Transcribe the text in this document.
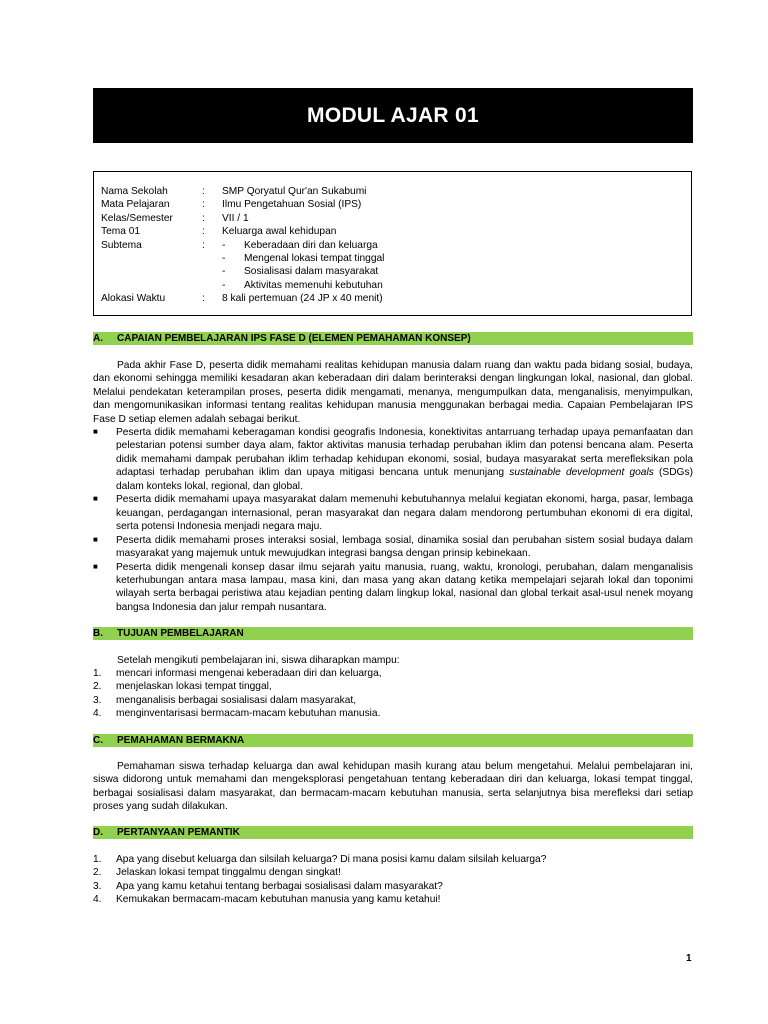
MODUL AJAR 01
Nama Sekolah	:	SMP Qoryatul Qur'an Sukabumi
Mata Pelajaran	:	Ilmu Pengetahuan Sosial (IPS)
Kelas/Semester	:	VII / 1
Tema 01	:	Keluarga awal kehidupan
Subtema	:	-	Keberadaan diri dan keluarga
-	Mengenal lokasi tempat tinggal
-	Sosialisasi dalam masyarakat
-	Aktivitas memenuhi kebutuhan
Alokasi Waktu	:	8 kali pertemuan (24 JP x 40 menit)
A.	CAPAIAN PEMBELAJARAN IPS FASE D (ELEMEN PEMAHAMAN KONSEP)
Pada akhir Fase D, peserta didik memahami realitas kehidupan manusia dalam ruang dan waktu pada bidang sosial, budaya, dan ekonomi sehingga memiliki kesadaran akan keberadaan diri dalam berinteraksi dengan lingkungan lokal, nasional, dan global. Melalui pendekatan keterampilan proses, peserta didik mengamati, menanya, mengumpulkan data, menganalisis, menyimpulkan, dan mengomunikasikan informasi tentang realitas kehidupan manusia menggunakan berbagai media. Capaian Pembelajaran IPS Fase D setiap elemen adalah sebagai berikut.
■	Peserta didik memahami keberagaman kondisi geografis Indonesia, konektivitas antarruang terhadap upaya pemanfaatan dan pelestarian potensi sumber daya alam, faktor aktivitas manusia terhadap perubahan iklim dan potensi bencana alam. Peserta didik memahami dampak perubahan iklim terhadap kehidupan ekonomi, sosial, budaya masyarakat serta merefleksikan pola adaptasi terhadap perubahan iklim dan upaya mitigasi bencana untuk menunjang sustainable development goals (SDGs) dalam konteks lokal, regional, dan global.
■	Peserta didik memahami upaya masyarakat dalam memenuhi kebutuhannya melalui kegiatan ekonomi, harga, pasar, lembaga keuangan, perdagangan internasional, peran masyarakat dan negara dalam mendorong pertumbuhan ekonomi di era digital, serta potensi Indonesia menjadi negara maju.
■	Peserta didik memahami proses interaksi sosial, lembaga sosial, dinamika sosial dan perubahan sistem sosial budaya dalam masyarakat yang majemuk untuk mewujudkan integrasi bangsa dengan prinsip kebinekaan.
■	Peserta didik mengenali konsep dasar ilmu sejarah yaitu manusia, ruang, waktu, kronologi, perubahan, dalam menganalisis keterhubungan antara masa lampau, masa kini, dan masa yang akan datang ketika mempelajari sejarah lokal dan toponimi wilayah serta berbagai peristiwa atau kejadian penting dalam lingkup lokal, nasional dan global terkait asal-usul nenek moyang bangsa Indonesia dan jalur rempah nusantara.
B.	TUJUAN PEMBELAJARAN
Setelah mengikuti pembelajaran ini, siswa diharapkan mampu:
1.	mencari informasi mengenai keberadaan diri dan keluarga,
2.	menjelaskan lokasi tempat tinggal,
3.	menganalisis berbagai sosialisasi dalam masyarakat,
4.	menginventarisasi bermacam-macam kebutuhan manusia.
C.	PEMAHAMAN BERMAKNA
Pemahaman siswa terhadap keluarga dan awal kehidupan masih kurang atau belum mengetahui. Melalui pembelajaran ini, siswa didorong untuk memahami dan mengeksplorasi pengetahuan tentang keberadaan diri dan keluarga, lokasi tempat tinggal, berbagai sosialisasi dalam masyarakat, dan bermacam-macam kebutuhan manusia, serta selanjutnya bisa merefleksi dari setiap proses yang sudah dilakukan.
D.	PERTANYAAN PEMANTIK
1.	Apa yang disebut keluarga dan silsilah keluarga? Di mana posisi kamu dalam silsilah keluarga?
2.	Jelaskan lokasi tempat tinggalmu dengan singkat!
3.	Apa yang kamu ketahui tentang berbagai sosialisasi dalam masyarakat?
4.	Kemukakan bermacam-macam kebutuhan manusia yang kamu ketahui!
1
